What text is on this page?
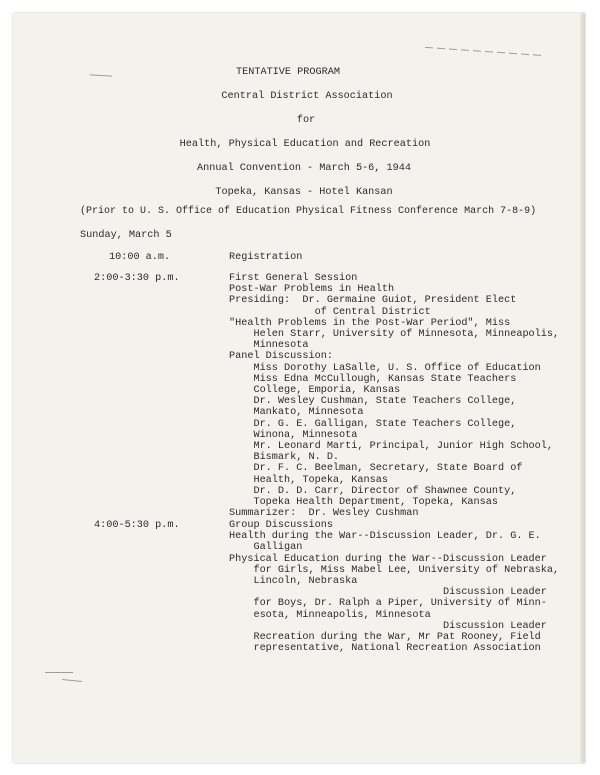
TENTATIVE PROGRAM
Central District Association
for
Health, Physical Education and Recreation
Annual Convention - March 5-6, 1944
Topeka, Kansas - Hotel Kansan
(Prior to U. S. Office of Education Physical Fitness Conference March 7-8-9)
Sunday, March 5
10:00 a.m.	Registration
2:00-3:30 p.m.	First General Session
Post-War Problems in Health
Presiding:  Dr. Germaine Guiot, President Elect
of Central District
"Health Problems in the Post-War Period", Miss
Helen Starr, University of Minnesota, Minneapolis,
Minnesota
Panel Discussion:
Miss Dorothy LaSalle, U. S. Office of Education
Miss Edna McCullough, Kansas State Teachers
College, Emporia, Kansas
Dr. Wesley Cushman, State Teachers College,
Mankato, Minnesota
Dr. G. E. Galligan, State Teachers College,
Winona, Minnesota
Mr. Leonard Marti, Principal, Junior High School,
Bismark, N. D.
Dr. F. C. Beelman, Secretary, State Board of
Health, Topeka, Kansas
Dr. D. D. Carr, Director of Shawnee County,
Topeka Health Department, Topeka, Kansas
Summarizer:  Dr. Wesley Cushman
4:00-5:30 p.m.	Group Discussions
Health during the War--Discussion Leader, Dr. G. E.
Galligan
Physical Education during the War--Discussion Leader
for Girls, Miss Mabel Lee, University of Nebraska,
Lincoln, Nebraska
Discussion Leader
for Boys, Dr. Ralph a Piper, University of Minn-
esota, Minneapolis, Minnesota
Discussion Leader
Recreation during the War, Mr Pat Rooney, Field
representative, National Recreation Association
